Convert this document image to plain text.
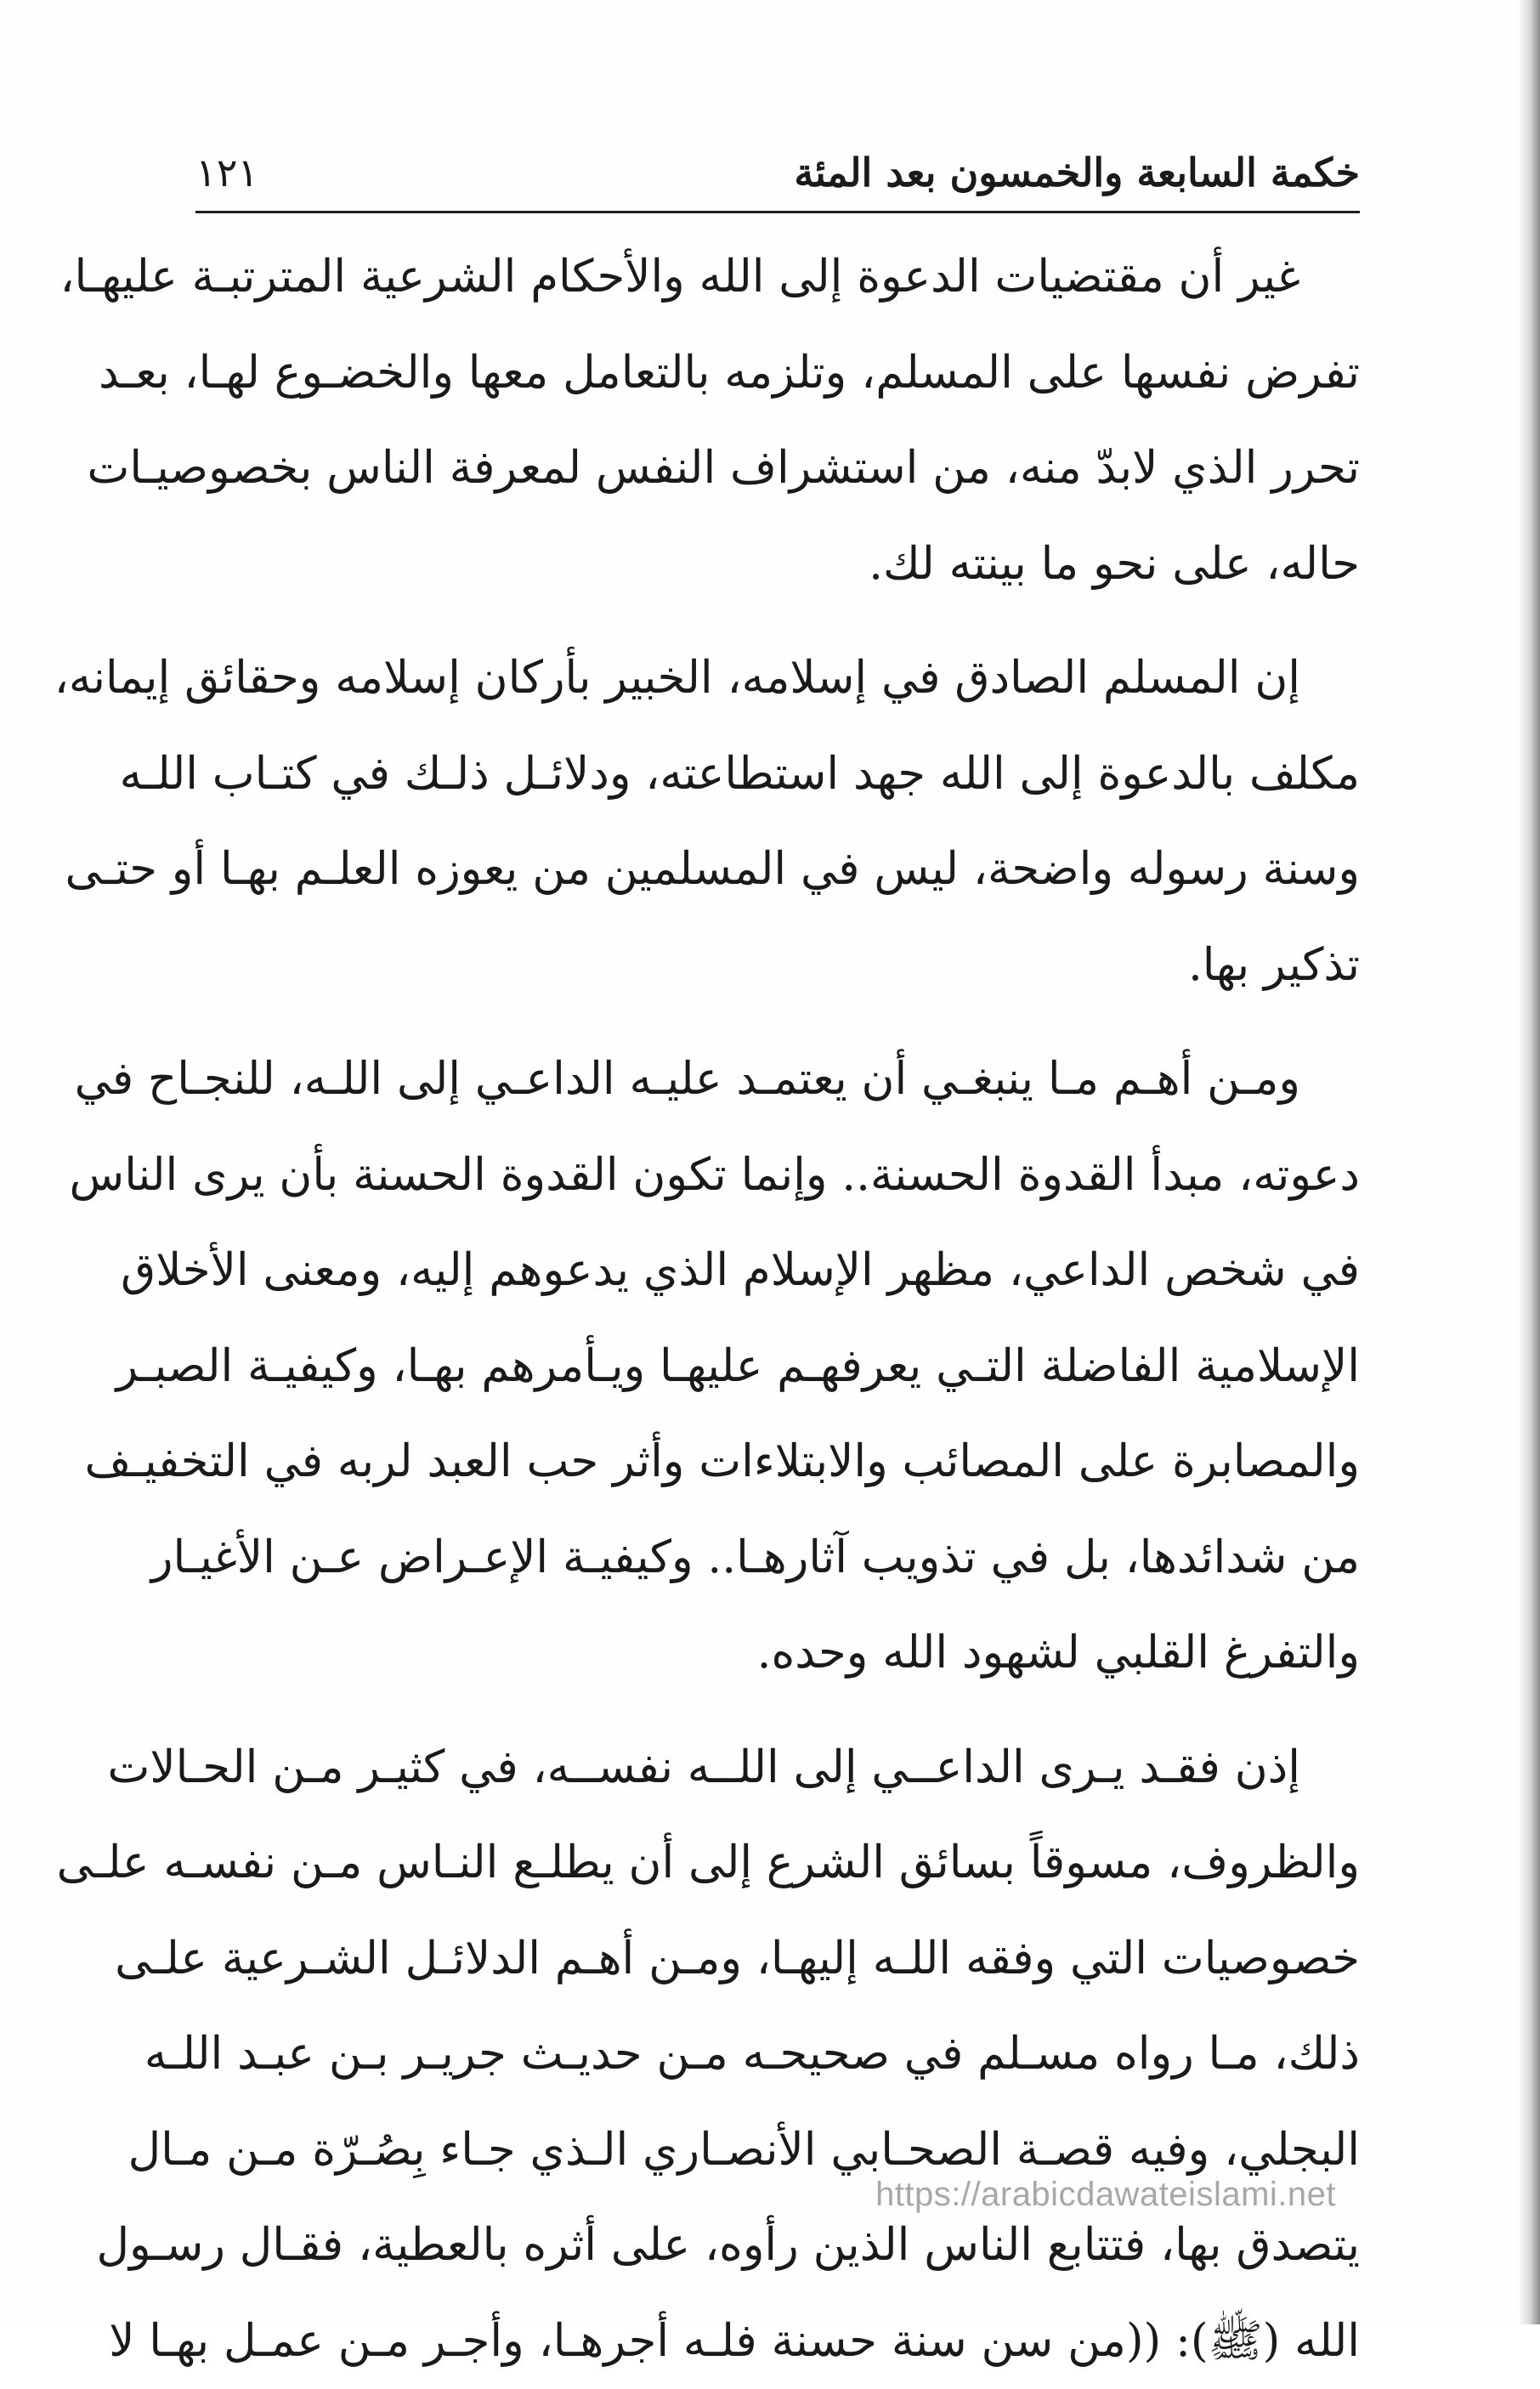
خكمة السابعة والخمسون بعد المئة
١٢١
غير أن مقتضيات الدعوة إلى الله والأحكام الشرعية المترتبـة عليهـا،
تفرض نفسها على المسلم، وتلزمه بالتعامل معها والخضـوع لهـا، بعـد
تحرر الذي لابدّ منه، من استشراف النفس لمعرفة الناس بخصوصيـات
حاله، على نحو ما بينته لك.
إن المسلم الصادق في إسلامه، الخبير بأركان إسلامه وحقائق إيمانه،
مكلف بالدعوة إلى الله جهد استطاعته، ودلائـل ذلـك في كتـاب اللـه
وسنة رسوله واضحة، ليس في المسلمين من يعوزه العلـم بهـا أو حتـى
تذكير بها.
ومـن أهـم مـا ينبغـي أن يعتمـد عليـه الداعـي إلى اللـه، للنجـاح في
دعوته، مبدأ القدوة الحسنة.. وإنما تكون القدوة الحسنة بأن يرى الناس
في شخص الداعي، مظهر الإسلام الذي يدعوهم إليه، ومعنى الأخلاق
الإسلامية الفاضلة التـي يعرفهـم عليهـا ويـأمرهم بهـا، وكيفيـة الصبـر
والمصابرة على المصائب والابتلاءات وأثر حب العبد لربه في التخفيـف
من شدائدها، بل في تذويب آثارهـا.. وكيفيـة الإعـراض عـن الأغيـار
والتفرغ القلبي لشهود الله وحده.
إذن فقـد يـرى الداعــي إلى اللــه نفســه، في كثيـر مـن الحـالات
والظروف، مسوقاً بسائق الشرع إلى أن يطلـع النـاس مـن نفسـه علـى
خصوصيات التي وفقه اللـه إليهـا، ومـن أهـم الدلائـل الشـرعية علـى
ذلك، مـا رواه مسـلم في صحيحـه مـن حديـث جريـر بـن عبـد اللـه
البجلي، وفيه قصـة الصحـابي الأنصـاري الـذي جـاء بِصُـرّة مـن مـال
يتصدق بها، فتتابع الناس الذين رأوه، على أثره بالعطية، فقـال رسـول
الله (ﷺ): ((من سن سنة حسنة فلـه أجرهـا، وأجـر مـن عمـل بهـا لا
https://arabicdawateislami.net
